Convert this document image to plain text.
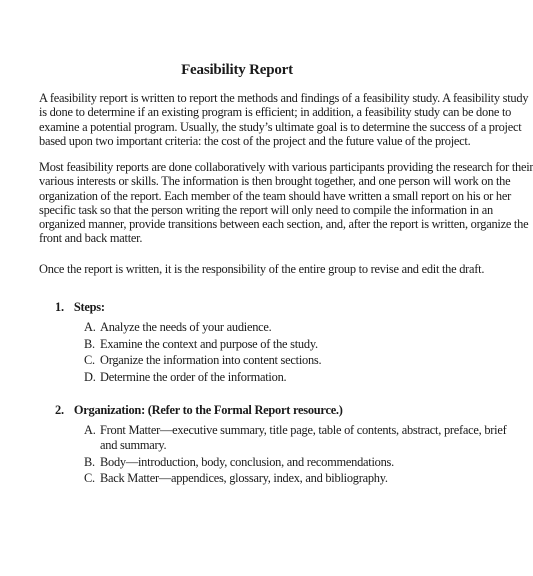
Feasibility Report
A feasibility report is written to report the methods and findings of a feasibility study. A feasibility study
is done to determine if an existing program is efficient; in addition, a feasibility study can be done to
examine a potential program. Usually, the study’s ultimate goal is to determine the success of a project
based upon two important criteria: the cost of the project and the future value of the project.
Most feasibility reports are done collaboratively with various participants providing the research for their
various interests or skills. The information is then brought together, and one person will work on the
organization of the report. Each member of the team should have written a small report on his or her
specific task so that the person writing the report will only need to compile the information in an
organized manner, provide transitions between each section, and, after the report is written, organize the
front and back matter.
Once the report is written, it is the responsibility of the entire group to revise and edit the draft.
1. Steps:
A. Analyze the needs of your audience.
B. Examine the context and purpose of the study.
C. Organize the information into content sections.
D. Determine the order of the information.
2. Organization: (Refer to the Formal Report resource.)
A. Front Matter—executive summary, title page, table of contents, abstract, preface, brief
and summary.
B. Body—introduction, body, conclusion, and recommendations.
C. Back Matter—appendices, glossary, index, and bibliography.
